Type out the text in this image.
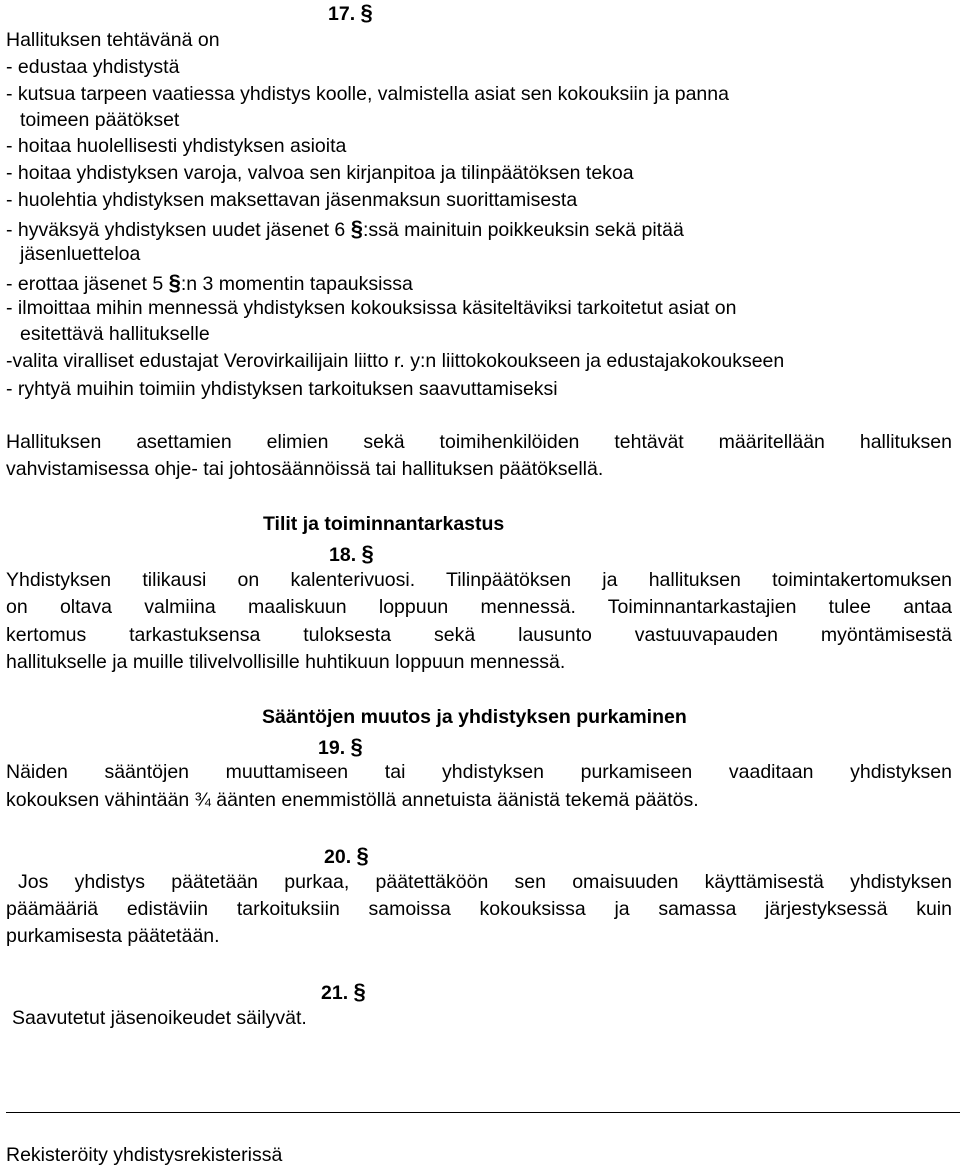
17. §
Hallituksen tehtävänä on
- edustaa yhdistystä
- kutsua tarpeen vaatiessa yhdistys koolle, valmistella asiat sen kokouksiin ja panna
toimeen päätökset
- hoitaa huolellisesti yhdistyksen asioita
- hoitaa yhdistyksen varoja, valvoa sen kirjanpitoa ja tilinpäätöksen tekoa
- huolehtia yhdistyksen maksettavan jäsenmaksun suorittamisesta
- hyväksyä yhdistyksen uudet jäsenet 6 §:ssä mainituin poikkeuksin sekä pitää
jäsenluetteloa
- erottaa jäsenet 5 §:n 3 momentin tapauksissa
- ilmoittaa mihin mennessä yhdistyksen kokouksissa käsiteltäviksi tarkoitetut asiat on
esitettävä hallitukselle
-valita viralliset edustajat Verovirkailijain liitto r. y:n liittokokoukseen ja edustajakokoukseen
- ryhtyä muihin toimiin yhdistyksen tarkoituksen saavuttamiseksi
Hallituksen asettamien elimien sekä toimihenkilöiden tehtävät määritellään hallituksen
vahvistamisessa ohje- tai johtosäännöissä tai hallituksen päätöksellä.
Tilit ja toiminnantarkastus
18. §
Yhdistyksen tilikausi on kalenterivuosi. Tilinpäätöksen ja hallituksen toimintakertomuksen
on oltava valmiina maaliskuun loppuun mennessä. Toiminnantarkastajien tulee antaa
kertomus tarkastuksensa tuloksesta sekä lausunto vastuuvapauden myöntämisestä
hallitukselle ja muille tilivelvollisille huhtikuun loppuun mennessä.
Sääntöjen muutos ja yhdistyksen purkaminen
19. §
Näiden sääntöjen muuttamiseen tai yhdistyksen purkamiseen vaaditaan yhdistyksen
kokouksen vähintään ¾ äänten enemmistöllä annetuista äänistä tekemä päätös.
20. §
Jos yhdistys päätetään purkaa, päätettäköön sen omaisuuden käyttämisestä yhdistyksen
päämääriä edistäviin tarkoituksiin samoissa kokouksissa ja samassa järjestyksessä kuin
purkamisesta päätetään.
21. §
Saavutetut jäsenoikeudet säilyvät.
Rekisteröity yhdistysrekisterissä
